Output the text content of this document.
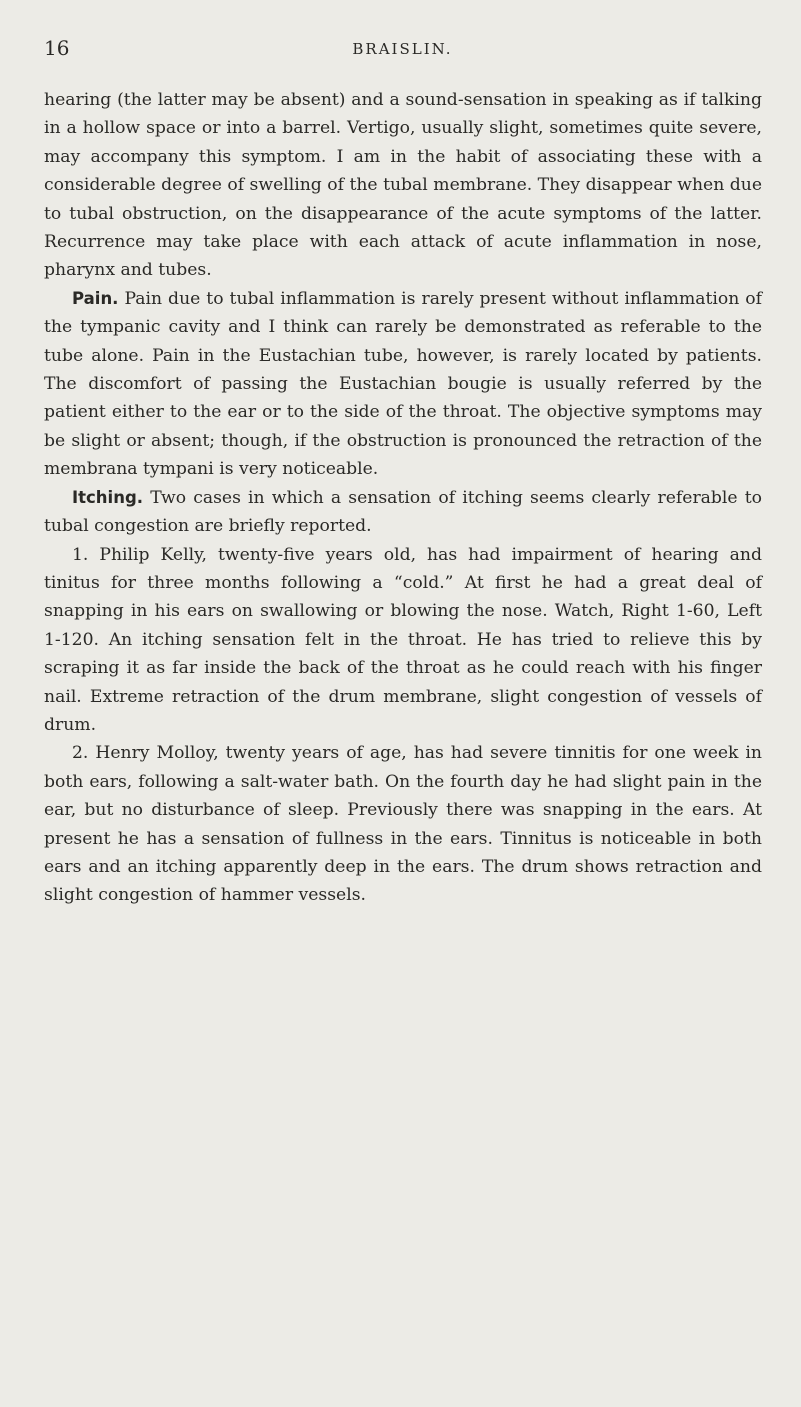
16	BRAISLIN.

hearing (the latter may be absent) and a sound-sensation in speaking as if talking in a hollow space or into a barrel. Vertigo, usually slight, sometimes quite severe, may accompany this symptom. I am in the habit of associating these with a considerable degree of swelling of the tubal membrane. They disappear when due to tubal obstruction, on the disappearance of the acute symptoms of the latter. Recurrence may take place with each attack of acute inflammation in nose, pharynx and tubes.

Pain. Pain due to tubal inflammation is rarely present without inflammation of the tympanic cavity and I think can rarely be demonstrated as referable to the tube alone. Pain in the Eustachian tube, however, is rarely located by patients. The discomfort of passing the Eustachian bougie is usually referred by the patient either to the ear or to the side of the throat. The objective symptoms may be slight or absent; though, if the obstruction is pronounced the retraction of the membrana tympani is very noticeable.

Itching. Two cases in which a sensation of itching seems clearly referable to tubal congestion are briefly reported.

1. Philip Kelly, twenty-five years old, has had impairment of hearing and tinitus for three months following a “cold.” At first he had a great deal of snapping in his ears on swallowing or blowing the nose. Watch, Right 1-60, Left 1-120. An itching sensation felt in the throat. He has tried to relieve this by scraping it as far inside the back of the throat as he could reach with his finger nail. Extreme retraction of the drum membrane, slight congestion of vessels of drum.

2. Henry Molloy, twenty years of age, has had severe tinnitis for one week in both ears, following a salt-water bath. On the fourth day he had slight pain in the ear, but no disturbance of sleep. Previously there was snapping in the ears. At present he has a sensation of fullness in the ears. Tinnitus is noticeable in both ears and an itching apparently deep in the ears. The drum shows retraction and slight congestion of hammer vessels.
